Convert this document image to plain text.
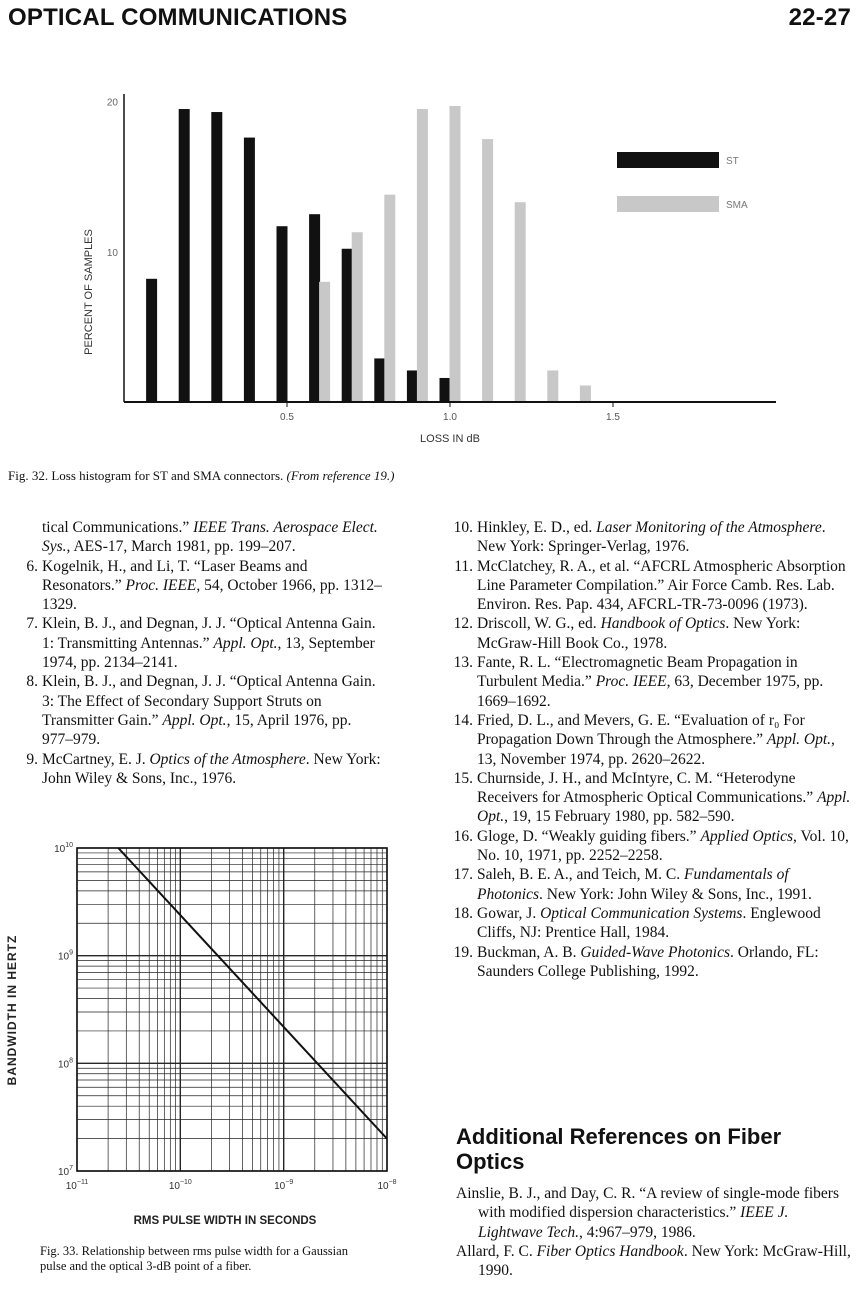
OPTICAL COMMUNICATIONS	22-27
0.5	1.0	1.5
10
20
PERCENT OF SAMPLES
LOSS IN dB
ST
SMA
Fig. 32. Loss histogram for ST and SMA connectors. (From reference 19.)
tical Communications.” IEEE Trans. Aerospace Elect. Sys., AES-17, March 1981, pp. 199–207.
6. Kogelnik, H., and Li, T. “Laser Beams and Resonators.” Proc. IEEE, 54, October 1966, pp. 1312–1329.
7. Klein, B. J., and Degnan, J. J. “Optical Antenna Gain. 1: Transmitting Antennas.” Appl. Opt., 13, September 1974, pp. 2134–2141.
8. Klein, B. J., and Degnan, J. J. “Optical Antenna Gain. 3: The Effect of Secondary Support Struts on Transmitter Gain.” Appl. Opt., 15, April 1976, pp. 977–979.
9. McCartney, E. J. Optics of the Atmosphere. New York: John Wiley & Sons, Inc., 1976.
$10^{-11}$	$10^{-10}$	$10^{-9}$	$10^{-8}$
$10^7$
$10^8$
$10^9$
$10^{10}$
BANDWIDTH IN HERTZ
RMS PULSE WIDTH IN SECONDS
Fig. 33. Relationship between rms pulse width for a Gaussian
pulse and the optical 3-dB point of a fiber.
10. Hinkley, E. D., ed. Laser Monitoring of the Atmosphere. New York: Springer-Verlag, 1976.
11. McClatchey, R. A., et al. “AFCRL Atmospheric Absorption Line Parameter Compilation.” Air Force Camb. Res. Lab. Environ. Res. Pap. 434, AFCRL-TR-73-0096 (1973).
12. Driscoll, W. G., ed. Handbook of Optics. New York: McGraw-Hill Book Co., 1978.
13. Fante, R. L. “Electromagnetic Beam Propagation in Turbulent Media.” Proc. IEEE, 63, December 1975, pp. 1669–1692.
14. Fried, D. L., and Mevers, G. E. “Evaluation of r₀ For Propagation Down Through the Atmosphere.” Appl. Opt., 13, November 1974, pp. 2620–2622.
15. Churnside, J. H., and McIntyre, C. M. “Heterodyne Receivers for Atmospheric Optical Communications.” Appl. Opt., 19, 15 February 1980, pp. 582–590.
16. Gloge, D. “Weakly guiding fibers.” Applied Optics, Vol. 10, No. 10, 1971, pp. 2252–2258.
17. Saleh, B. E. A., and Teich, M. C. Fundamentals of Photonics. New York: John Wiley & Sons, Inc., 1991.
18. Gowar, J. Optical Communication Systems. Englewood Cliffs, NJ: Prentice Hall, 1984.
19. Buckman, A. B. Guided-Wave Photonics. Orlando, FL: Saunders College Publishing, 1992.
Additional References on Fiber Optics
Ainslie, B. J., and Day, C. R. “A review of single-mode fibers with modified dispersion characteristics.” IEEE J. Lightwave Tech., 4:967–979, 1986.
Allard, F. C. Fiber Optics Handbook. New York: McGraw-Hill, 1990.
